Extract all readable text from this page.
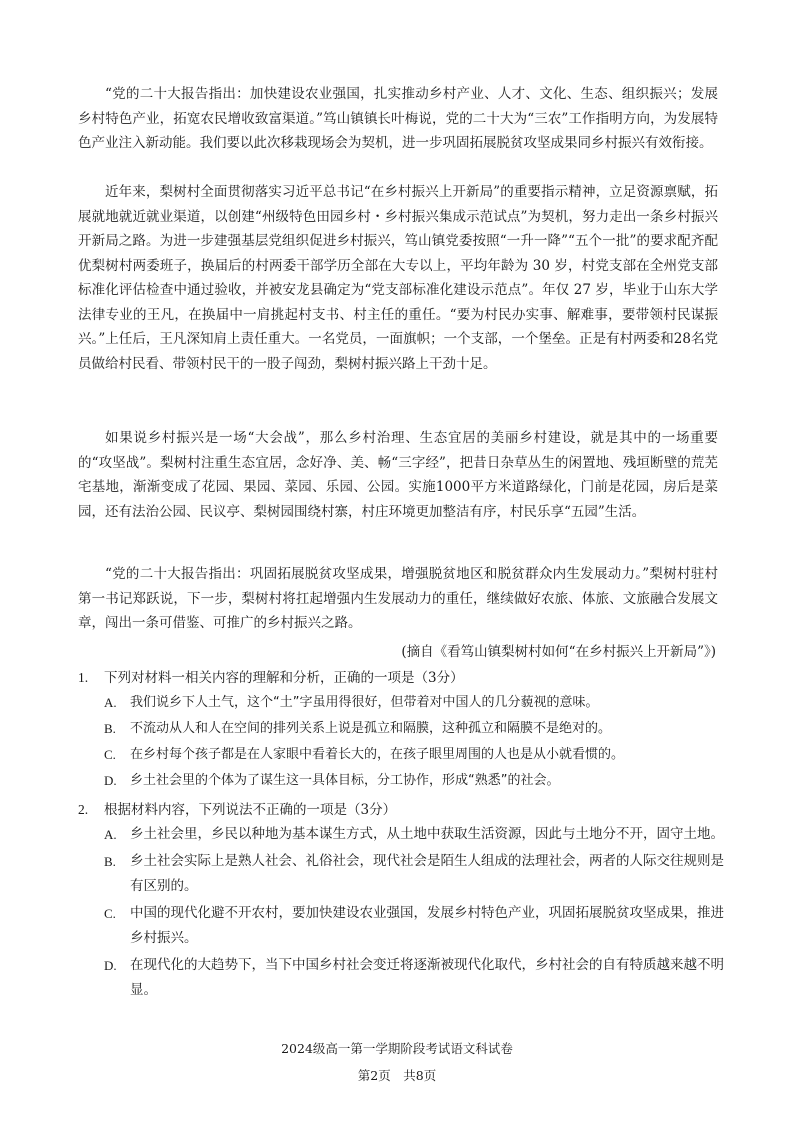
“党的二十大报告指出：加快建设农业强国，扎实推动乡村产业、人才、文化、生态、组织振兴；发展乡村特色产业，拓宽农民增收致富渠道。”笃山镇镇长叶梅说，党的二十大为“三农”工作指明方向，为发展特色产业注入新动能。我们要以此次移栽现场会为契机，进一步巩固拓展脱贫攻坚成果同乡村振兴有效衔接。

近年来，梨树村全面贯彻落实习近平总书记“在乡村振兴上开新局”的重要指示精神，立足资源禀赋，拓展就地就近就业渠道，以创建“州级特色田园乡村・乡村振兴集成示范试点”为契机，努力走出一条乡村振兴开新局之路。为进一步建强基层党组织促进乡村振兴，笃山镇党委按照“一升一降”“五个一批”的要求配齐配优梨树村两委班子，换届后的村两委干部学历全部在大专以上，平均年龄为 30 岁，村党支部在全州党支部标准化评估检查中通过验收，并被安龙县确定为“党支部标准化建设示范点”。年仅 27 岁，毕业于山东大学法律专业的王凡，在换届中一肩挑起村支书、村主任的重任。“要为村民办实事、解难事，要带领村民谋振兴。”上任后，王凡深知肩上责任重大。一名党员，一面旗帜；一个支部，一个堡垒。正是有村两委和28名党员做给村民看、带领村民干的一股子闯劲，梨树村振兴路上干劲十足。

如果说乡村振兴是一场“大会战”，那么乡村治理、生态宜居的美丽乡村建设，就是其中的一场重要的“攻坚战”。梨树村注重生态宜居，念好净、美、畅“三字经”，把昔日杂草丛生的闲置地、残垣断壁的荒芜宅基地，渐渐变成了花园、果园、菜园、乐园、公园。实施1000平方米道路绿化，门前是花园，房后是菜园，还有法治公园、民议亭、梨树园围绕村寨，村庄环境更加整洁有序，村民乐享“五园”生活。

“党的二十大报告指出：巩固拓展脱贫攻坚成果，增强脱贫地区和脱贫群众内生发展动力。”梨树村驻村第一书记郑跃说，下一步，梨树村将扛起增强内生发展动力的重任，继续做好农旅、体旅、文旅融合发展文章，闯出一条可借鉴、可推广的乡村振兴之路。

(摘自《看笃山镇梨树村如何“在乡村振兴上开新局”》)
1.	下列对材料一相关内容的理解和分析，正确的一项是（3分）
A.	我们说乡下人土气，这个“土”字虽用得很好，但带着对中国人的几分藐视的意味。
B.	不流动从人和人在空间的排列关系上说是孤立和隔膜，这种孤立和隔膜不是绝对的。
C.	在乡村每个孩子都是在人家眼中看着长大的，在孩子眼里周围的人也是从小就看惯的。
D.	乡土社会里的个体为了谋生这一具体目标，分工协作，形成“熟悉”的社会。
2.	根据材料内容，下列说法不正确的一项是（3分）
A. 乡土社会里，乡民以种地为基本谋生方式，从土地中获取生活资源，因此与土地分不开，固守土地。
B.	乡土社会实际上是熟人社会、礼俗社会，现代社会是陌生人组成的法理社会，两者的人际交往规则是有区别的。
C.	中国的现代化避不开农村，要加快建设农业强国，发展乡村特色产业，巩固拓展脱贫攻坚成果，推进乡村振兴。
D. 在现代化的大趋势下，当下中国乡村社会变迁将逐渐被现代化取代，乡村社会的自有特质越来越不明显。
2024级高一第一学期阶段考试语文科试卷
第2页　共8页
